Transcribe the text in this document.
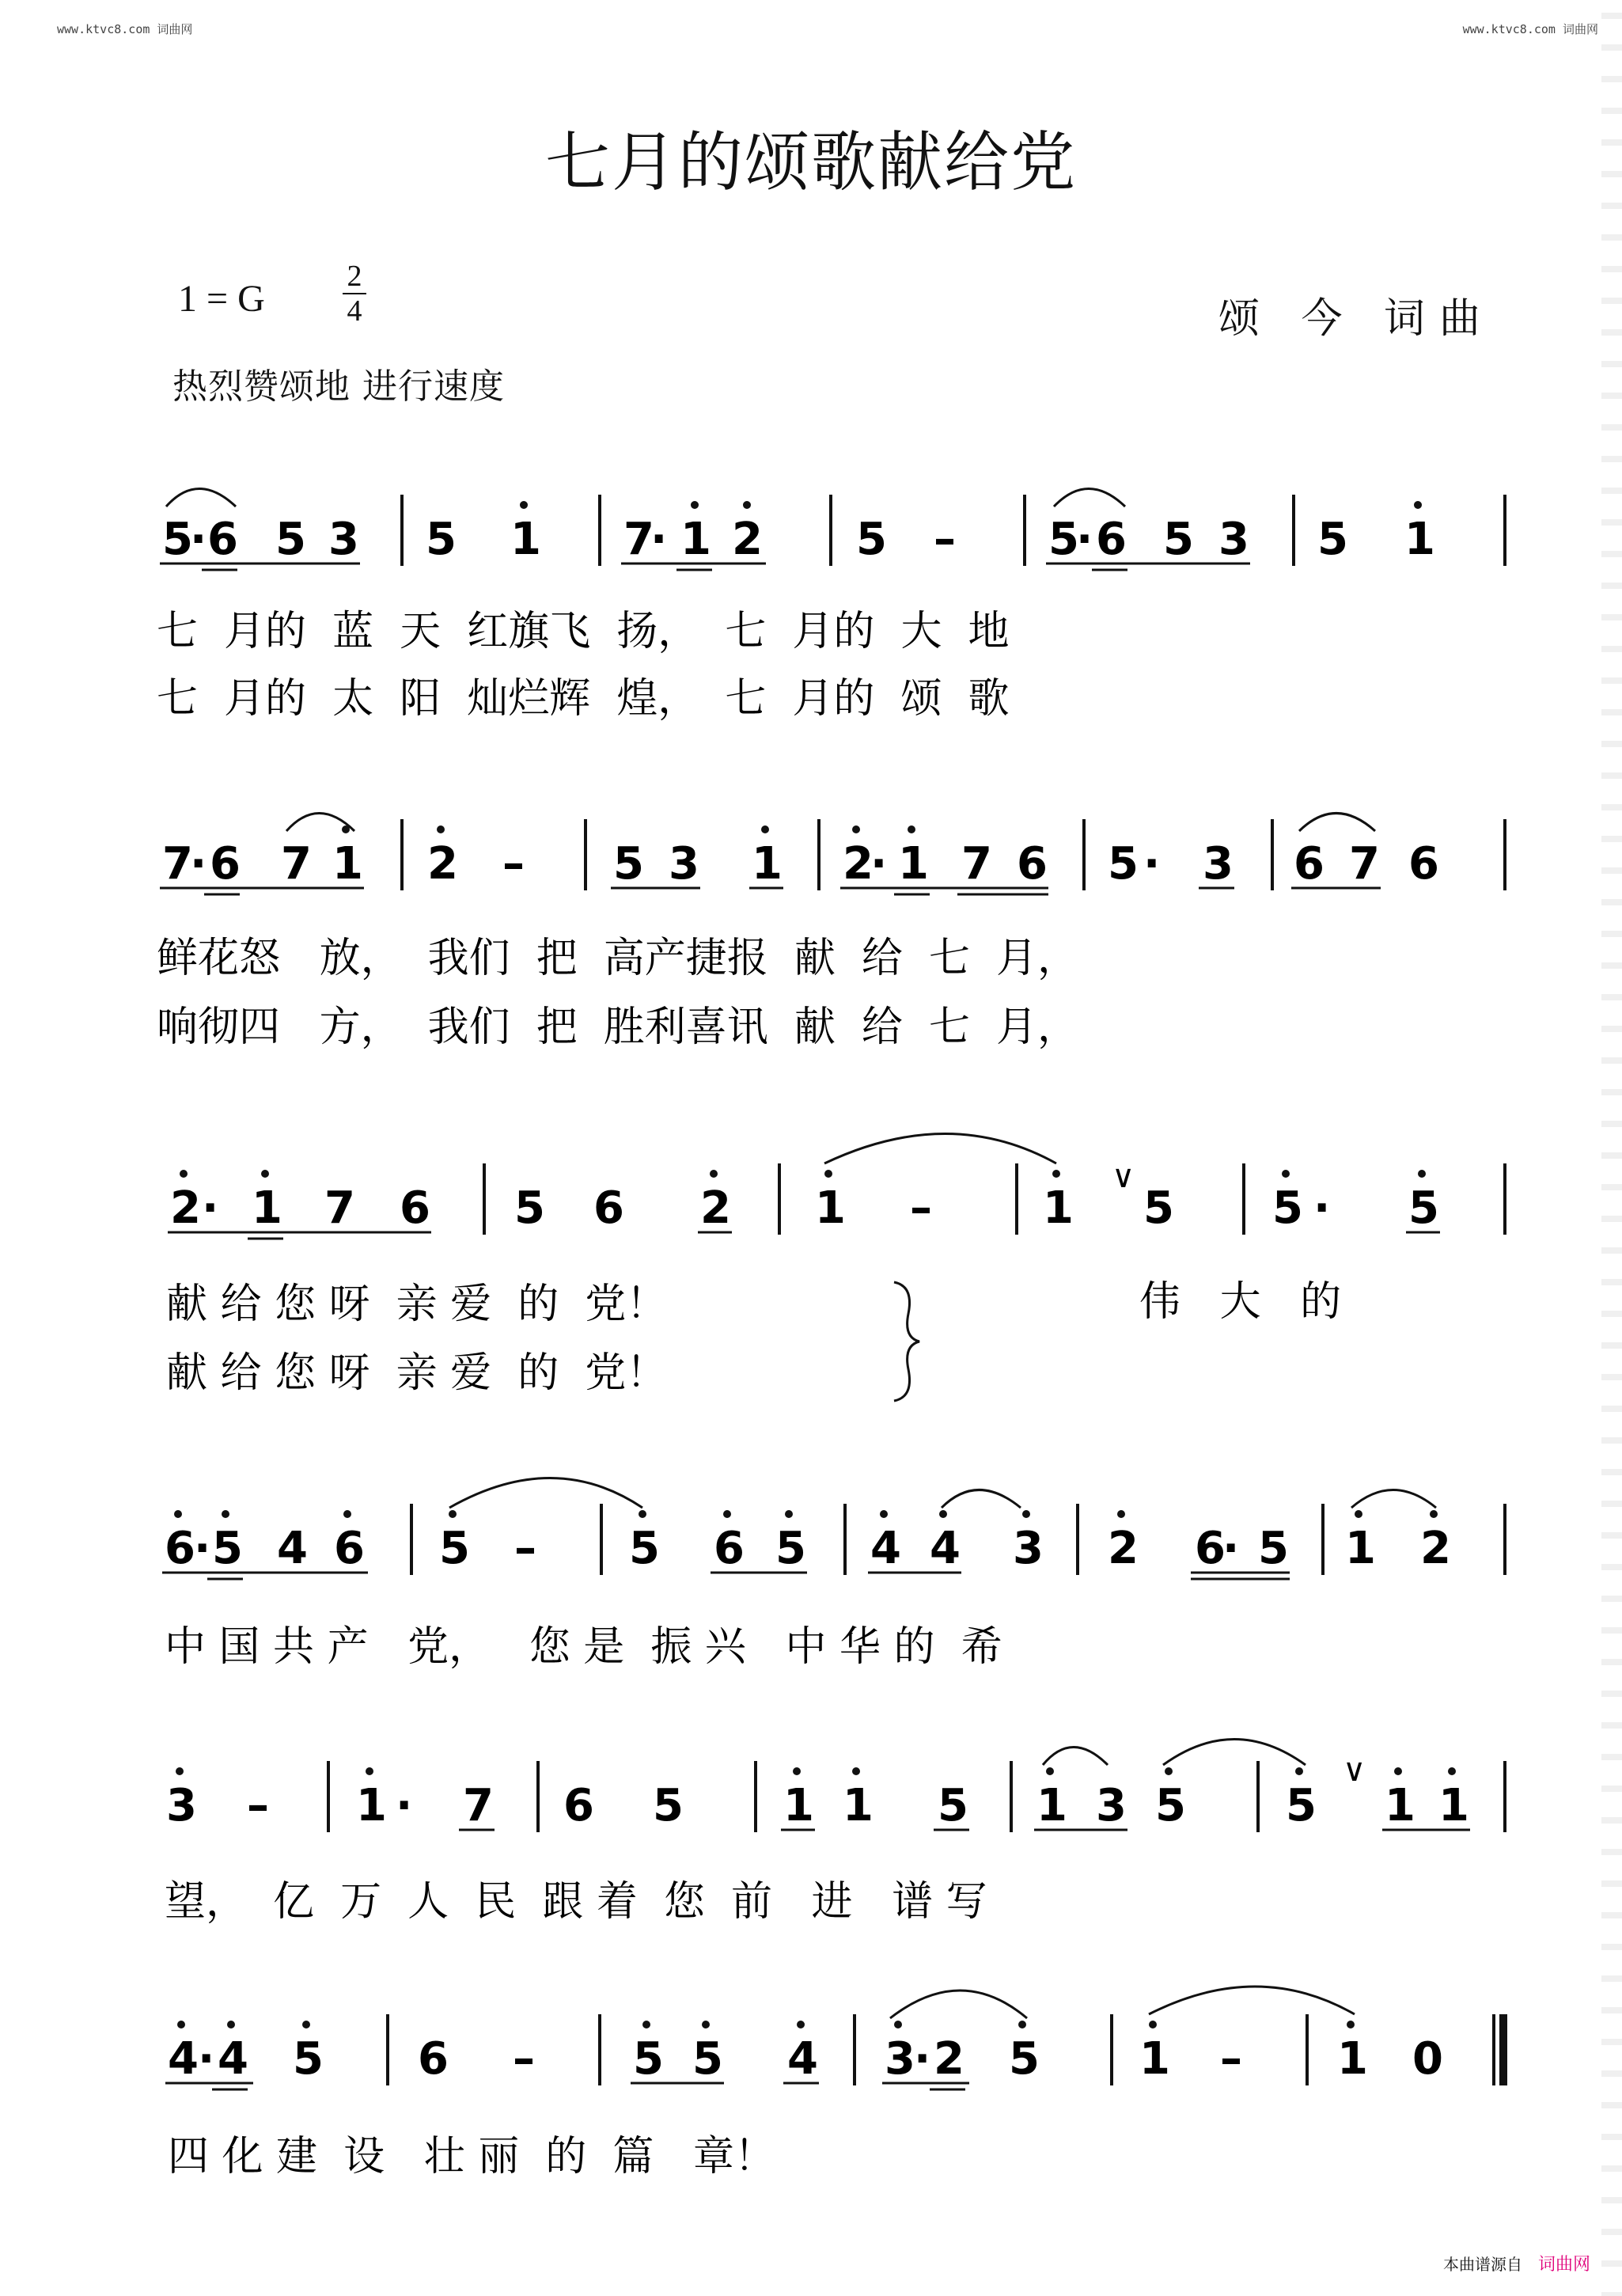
www.ktvc8.com 词曲网	www.ktvc8.com 词曲网
七月的颂歌献给党
1 = G
2
4	颂 今 词曲
热烈赞颂地 进行速度
5
· 6 5 3 5 1 7
· 1 2 5 – 5
· 6 5 3 5 1
七  月的  蓝  天  红旗飞  扬，  七  月的  大  地
七  月的  太  阳  灿烂辉  煌，  七  月的  颂  歌
7
· 6 7 1 2 – 5 3 1 2
· 1 7 6 5 · 3 6 7 6
鲜花怒   放，  我们  把  高产捷报  献  给  七  月，
响彻四   方，  我们  把  胜利喜讯  献  给  七  月，
2 · 1 7 6 5 6 2 1 –	1
∨
5 5 · 5
献 给 您 呀  亲 爱  的  党！
献 给 您 呀  亲 爱  的  党！
伟   大   的
6
· 5 4 6 5 – 5 6 5 4 4 3 2 6
· 5 1 2
中 国 共 产   党，   您 是  振 兴   中 华 的  希
3 – 1 · 7 6 5 1 1 5 1 3 5 5
∨
1 1
望，  亿  万  人  民  跟 着  您  前   进   谱 写
4 · 4 5 6 – 5 5 4 3
· 2 5 1 – 1 0
四 化 建  设   壮 丽  的  篇   章！
本曲谱源自 词曲网
